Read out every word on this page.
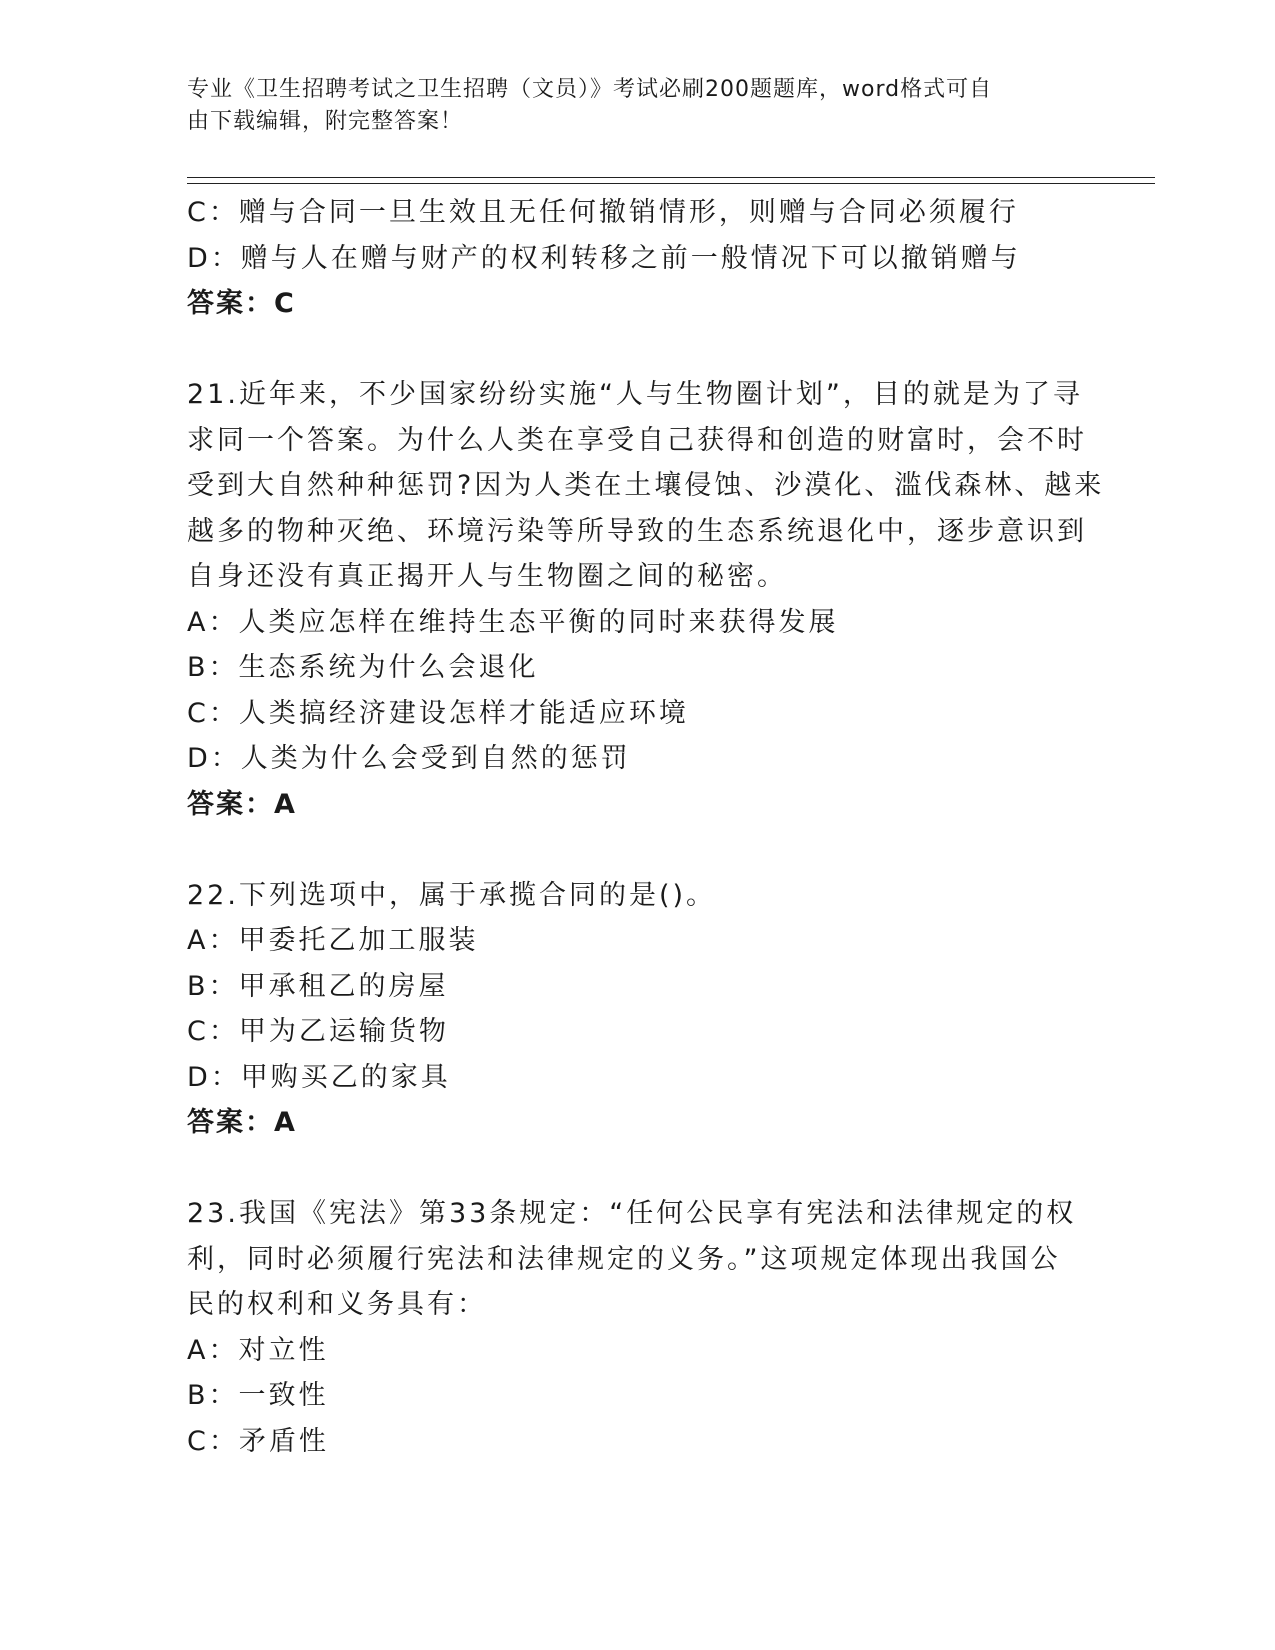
专业《卫生招聘考试之卫生招聘（文员）》考试必刷200题题库，word格式可自
由下载编辑，附完整答案！
C：赠与合同一旦生效且无任何撤销情形，则赠与合同必须履行
D：赠与人在赠与财产的权利转移之前一般情况下可以撤销赠与
答案：C
21.近年来，不少国家纷纷实施“人与生物圈计划”，目的就是为了寻
求同一个答案。为什么人类在享受自己获得和创造的财富时，会不时
受到大自然种种惩罚?因为人类在土壤侵蚀、沙漠化、滥伐森林、越来
越多的物种灭绝、环境污染等所导致的生态系统退化中，逐步意识到
自身还没有真正揭开人与生物圈之间的秘密。
A：人类应怎样在维持生态平衡的同时来获得发展
B：生态系统为什么会退化
C：人类搞经济建设怎样才能适应环境
D：人类为什么会受到自然的惩罚
答案：A
22.下列选项中，属于承揽合同的是()。
A：甲委托乙加工服装
B：甲承租乙的房屋
C：甲为乙运输货物
D：甲购买乙的家具
答案：A
23.我国《宪法》第33条规定：“任何公民享有宪法和法律规定的权
利，同时必须履行宪法和法律规定的义务。”这项规定体现出我国公
民的权利和义务具有：
A：对立性
B：一致性
C：矛盾性
